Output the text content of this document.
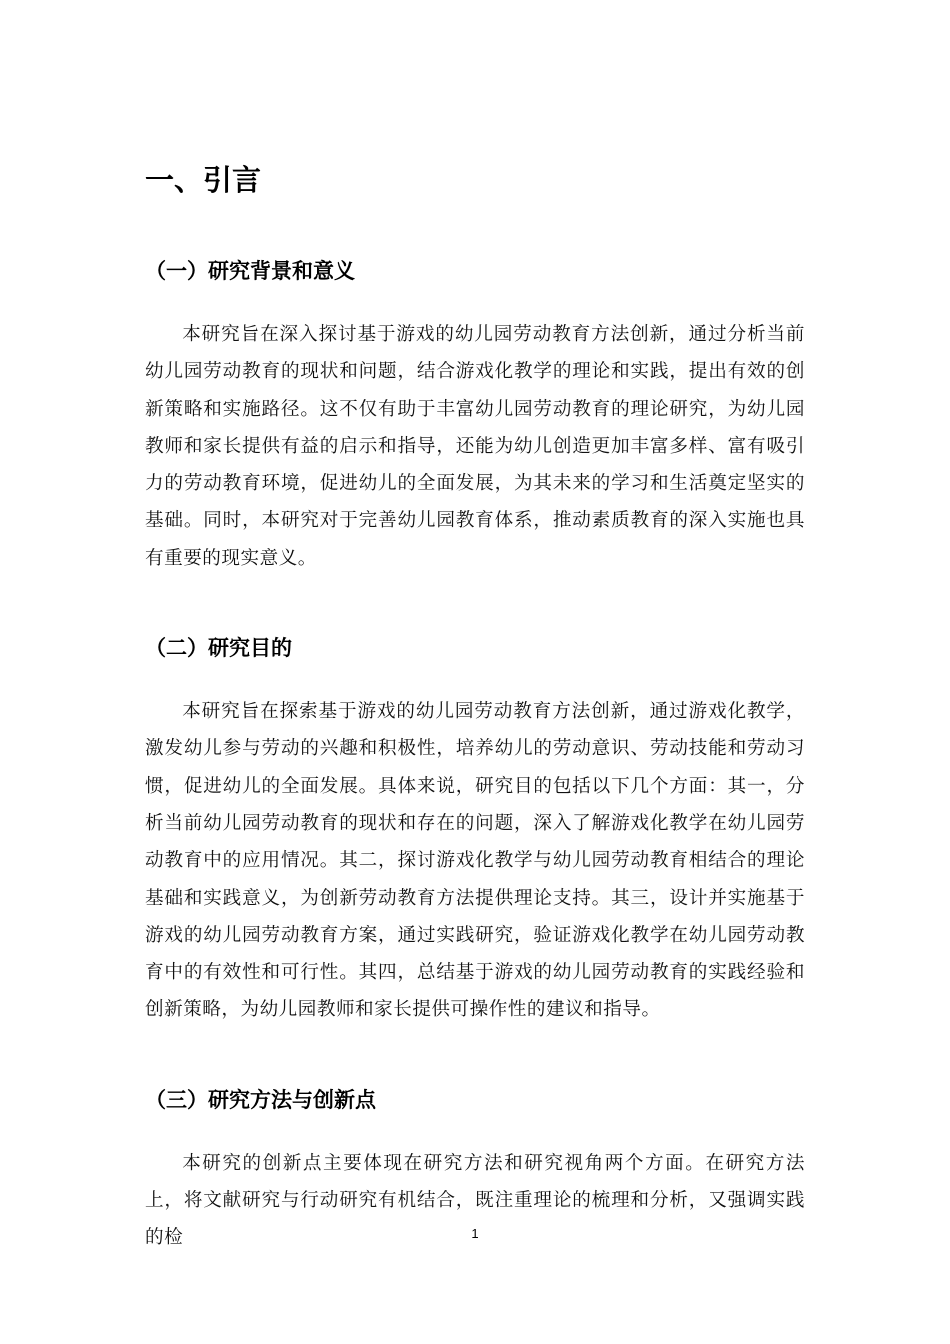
一、引言
（一）研究背景和意义

本研究旨在深入探讨基于游戏的幼儿园劳动教育方法创新，通过分析当前幼儿园劳动教育的现状和问题，结合游戏化教学的理论和实践，提出有效的创新策略和实施路径。这不仅有助于丰富幼儿园劳动教育的理论研究，为幼儿园教师和家长提供有益的启示和指导，还能为幼儿创造更加丰富多样、富有吸引力的劳动教育环境，促进幼儿的全面发展，为其未来的学习和生活奠定坚实的基础。同时，本研究对于完善幼儿园教育体系，推动素质教育的深入实施也具有重要的现实意义。

（二）研究目的

本研究旨在探索基于游戏的幼儿园劳动教育方法创新，通过游戏化教学，激发幼儿参与劳动的兴趣和积极性，培养幼儿的劳动意识、劳动技能和劳动习惯，促进幼儿的全面发展。具体来说，研究目的包括以下几个方面：其一，分析当前幼儿园劳动教育的现状和存在的问题，深入了解游戏化教学在幼儿园劳动教育中的应用情况。其二，探讨游戏化教学与幼儿园劳动教育相结合的理论基础和实践意义，为创新劳动教育方法提供理论支持。其三，设计并实施基于游戏的幼儿园劳动教育方案，通过实践研究，验证游戏化教学在幼儿园劳动教育中的有效性和可行性。其四，总结基于游戏的幼儿园劳动教育的实践经验和创新策略，为幼儿园教师和家长提供可操作性的建议和指导。

（三）研究方法与创新点

本研究的创新点主要体现在研究方法和研究视角两个方面。在研究方法上，将文献研究与行动研究有机结合，既注重理论的梳理和分析，又强调实践的检	1
